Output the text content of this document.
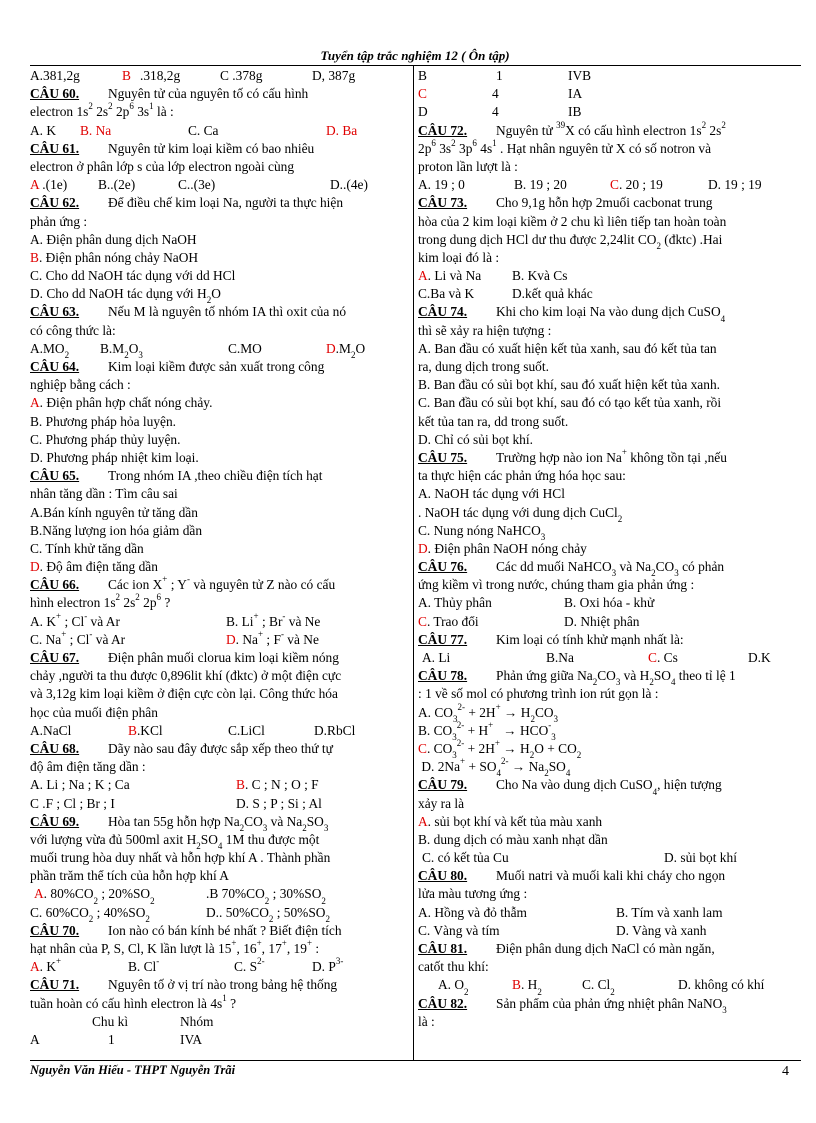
Tuyển tập trắc nghiệm 12 ( Ôn tập)
A.381,2g	B .318,2g	C .378g	D, 387g
CÂU 60. Nguyên tử của nguyên tố có cấu hình
electron $1s^2$ $2s^2$ $2p^6$ $3s^1$ là :
A. K B. Na	C. Ca	D. Ba
CÂU 61. Nguyên tử kim loại kiềm có bao nhiêu
electron ở phân lớp s của lớp electron ngoài cùng
A .(1e) B..(2e)	C..(3e)	D..(4e)
CÂU 62. Để điều chế kim loại Na, người ta thực hiện
phản ứng :
A. Điện phân dung dịch NaOH
B. Điện phân nóng chảy NaOH
C. Cho dd NaOH tác dụng với dd HCl
D. Cho dd NaOH tác dụng với $H_2O$
CÂU 63. Nếu M là nguyên tố nhóm IA thì oxit của nó
có công thức là:
$A.MO_2$ $B.M_2O_3$	C.MO	$D.M_2O$
CÂU 64. Kim loại kiềm được sản xuất trong công
nghiệp bằng cách :
A. Điện phân hợp chất nóng chảy.
B. Phương pháp hỏa luyện.
C. Phương pháp thủy luyện.
D. Phương pháp nhiệt kim loại.
CÂU 65. Trong nhóm IA ,theo chiều điện tích hạt
nhân tăng dần : Tìm câu sai
A.Bán kính nguyên tử tăng dần
B.Năng lượng ion hóa giảm dần
C. Tính khử tăng dần
D. Độ âm điện tăng dần
CÂU 66. Các ion X+ ; Y- và nguyên tử Z nào có cấu
hình electron $1s^2$ $2s^2$ $2p^6$ ?
A. K+ ; Cl- và Ar	B. Li+ ; Br- và Ne
C. Na+ ; Cl- và Ar	D. Na+ ; F- và Ne
CÂU 67. Điện phân muối clorua kim loại kiềm nóng
chảy ,người ta thu được 0,896lit khí (đktc) ở một điện cực
và 3,12g kim loại kiềm ở điện cực còn lại. Công thức hóa
học của muối điện phân
A.NaCl	B.KCl	C.LiCl	D.RbCl
CÂU 68. Dãy nào sau đây được sắp xếp theo thứ tự
độ âm điện tăng dần :
A. Li ; Na ; K ; Ca	B. C ; N ; O ; F
C .F ; Cl ; Br ; I	D. S ; P ; Si ; Al
CÂU 69. Hòa tan 55g hỗn hợp $Na_2CO_3$ và $Na_2SO_3$
với lượng vừa đủ 500ml axit $H_2SO_4$ 1M thu được một
muối trung hòa duy nhất và hỗn hợp khí A . Thành phần
phần trăm thể tích của hỗn hợp khí A
A. $80\%CO_2$ ; $20\%SO_2$	.B $70\%CO_2$ ; $30\%SO_2$
C. $60\%CO_2$ ; $40\%SO_2$	D.. $50\%CO_2$ ; $50\%SO_2$
CÂU 70. Ion nào có bán kính bé nhất ? Biết điện tích
hạt nhân của P, S, Cl, K lần lượt là 15+, 16+, 17+, 19+ :
A. K+	B. Cl-	C. $S^{2-}$	D. $P^{3-}$
CÂU 71. Nguyên tố ở vị trí nào trong bảng hệ thống
tuần hoàn có cấu hình electron là $4s^1$ ?
Chu kì	Nhóm
A	1	IVA
B	1	IVB
C	4	IA
D	4	IB
CÂU 72. Nguyên tử $^{39}$X có cấu hình electron $1s^2$ $2s^2$
$2p^6$ $3s^2$ $3p^6$ $4s^1$ . Hạt nhân nguyên tử X có số notron và
proton lần lượt là :
A. 19 ; 0	B. 19 ; 20	C. 20 ; 19	D. 19 ; 19
CÂU 73. Cho 9,1g hỗn hợp 2muối cacbonat trung
hòa của 2 kim loại kiềm ở 2 chu kì liên tiếp tan hoàn toàn
trong dung dịch HCl dư thu được 2,24lit $CO_2$ (đktc) .Hai
kim loại đó là :
A. Li và Na B. Kvà Cs
C.Ba và K	D.kết quả khác
CÂU 74. Khi cho kim loại Na vào dung dịch CuSO$_4$
thì sẽ xảy ra hiện tượng :
A. Ban đầu có xuất hiện kết tủa xanh, sau đó kết tủa tan
ra, dung dịch trong suốt.
B. Ban đầu có sủi bọt khí, sau đó xuất hiện kết tủa xanh.
C. Ban đầu có sủi bọt khí, sau đó có tạo kết tủa xanh, rồi
kết tủa tan ra, dd trong suốt.
D. Chỉ có sủi bọt khí.
CÂU 75. Trường hợp nào ion Na+ không tồn tại ,nếu
ta thực hiện các phản ứng hóa học sau:
A. NaOH tác dụng với HCl
. NaOH tác dụng với dung dịch CuCl$_2$
C. Nung nóng NaHCO$_3$
D. Điện phân NaOH nóng chảy
CÂU 76. Các dd muối NaHCO$_3$ và $Na_2CO_3$ có phản
ứng kiềm vì trong nước, chúng tham gia phản ứng :
A. Thủy phân	B. Oxi hóa - khử
C. Trao đổi	D. Nhiệt phân
CÂU 77. Kim loại có tính khử mạnh nhất là:
A. Li	B.Na	C. Cs	D.K
CÂU 78. Phản ứng giữa $Na_2CO_3$ và $H_2SO_4$ theo tỉ lệ 1
: 1 về số mol có phương trình ion rút gọn là :
A. $CO_3^{2-} + 2H^+ \to H_2CO_3$
B. $CO_3^{2-} + H^+ \to HCO^-_3$
C. $CO_3^{2-} + 2H^+ \to H_2O + CO_2$
D. $2Na^+ + SO_4^{2-} \to Na_2SO_4$
CÂU 79. Cho Na vào dung dịch CuSO$_4$, hiện tượng
xảy ra là
A. sủi bọt khí và kết tủa màu xanh
B. dung dịch có màu xanh nhạt dần
C. có kết tủa Cu	D. sủi bọt khí
CÂU 80. Muối natri và muối kali khi cháy cho ngọn
lửa màu tương ứng :
A. Hồng và đỏ thẫm	B. Tím và xanh lam
C. Vàng và tím	D. Vàng và xanh
CÂU 81. Điện phân dung dịch NaCl có màn ngăn,
catốt thu khí:
A. $O_2$	B. $H_2$	C. $Cl_2$	D. không có khí
CÂU 82. Sản phẩm của phản ứng nhiệt phân NaNO$_3$
là :
Nguyễn Văn Hiếu - THPT Nguyễn Trãi	4
